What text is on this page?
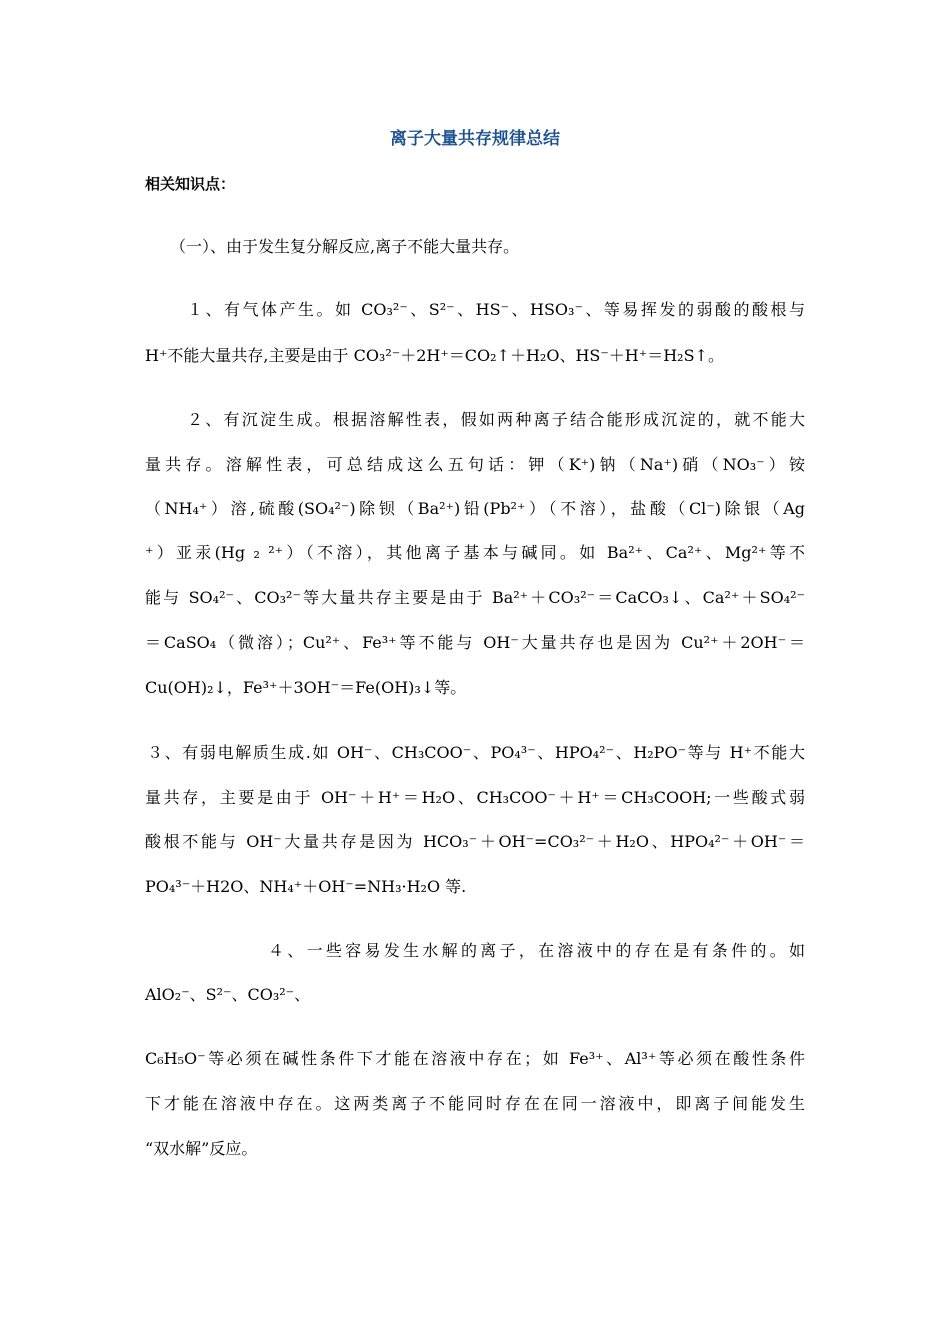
离子大量共存规律总结
相关知识点：
（一）、由于发生复分解反应,离子不能大量共存。
１、有气体产生。如 CO₃²⁻、S²⁻、HS⁻、HSO₃⁻、等易挥发的弱酸的酸根与
H⁺不能大量共存,主要是由于 CO₃²⁻＋2H⁺＝CO₂↑＋H₂O、HS⁻＋H⁺＝H₂S↑。
２、有沉淀生成。根据溶解性表，假如两种离子结合能形成沉淀的，就不能大
量共存。溶解性表，可总结成这么五句话：钾（K⁺)钠（Na⁺)硝（NO₃⁻）铵
（NH₄⁺）溶,硫酸(SO₄²⁻)除钡（Ba²⁺)铅(Pb²⁺）（不溶），盐酸（Cl⁻)除银（Ag
⁺）亚汞(Hg ₂ ²⁺）（不溶），其他离子基本与碱同。如 Ba²⁺、Ca²⁺、Mg²⁺等不
能与 SO₄²⁻、CO₃²⁻等大量共存主要是由于 Ba²⁺＋CO₃²⁻＝CaCO₃↓、Ca²⁺＋SO₄²⁻
＝CaSO₄（微溶）；Cu²⁺、Fe³⁺等不能与 OH⁻大量共存也是因为 Cu²⁺＋2OH⁻＝
Cu(OH)₂↓，Fe³⁺＋3OH⁻＝Fe(OH)₃↓等。
３、有弱电解质生成.如 OH⁻、CH₃COO⁻、PO₄³⁻、HPO₄²⁻、H₂PO⁻等与 H⁺不能大
量共存，主要是由于 OH⁻＋H⁺＝H₂O、CH₃COO⁻＋H⁺＝CH₃COOH;一些酸式弱
酸根不能与 OH⁻大量共存是因为 HCO₃⁻＋OH⁻=CO₃²⁻＋H₂O、HPO₄²⁻＋OH⁻＝
PO₄³⁻＋H2O、NH₄⁺＋OH⁻=NH₃·H₂O 等.
４、一些容易发生水解的离子，在溶液中的存在是有条件的。如
AlO₂⁻、S²⁻、CO₃²⁻、
C₆H₅O⁻等必须在碱性条件下才能在溶液中存在；如 Fe³⁺、Al³⁺等必须在酸性条件
下才能在溶液中存在。这两类离子不能同时存在在同一溶液中，即离子间能发生
“双水解”反应。
